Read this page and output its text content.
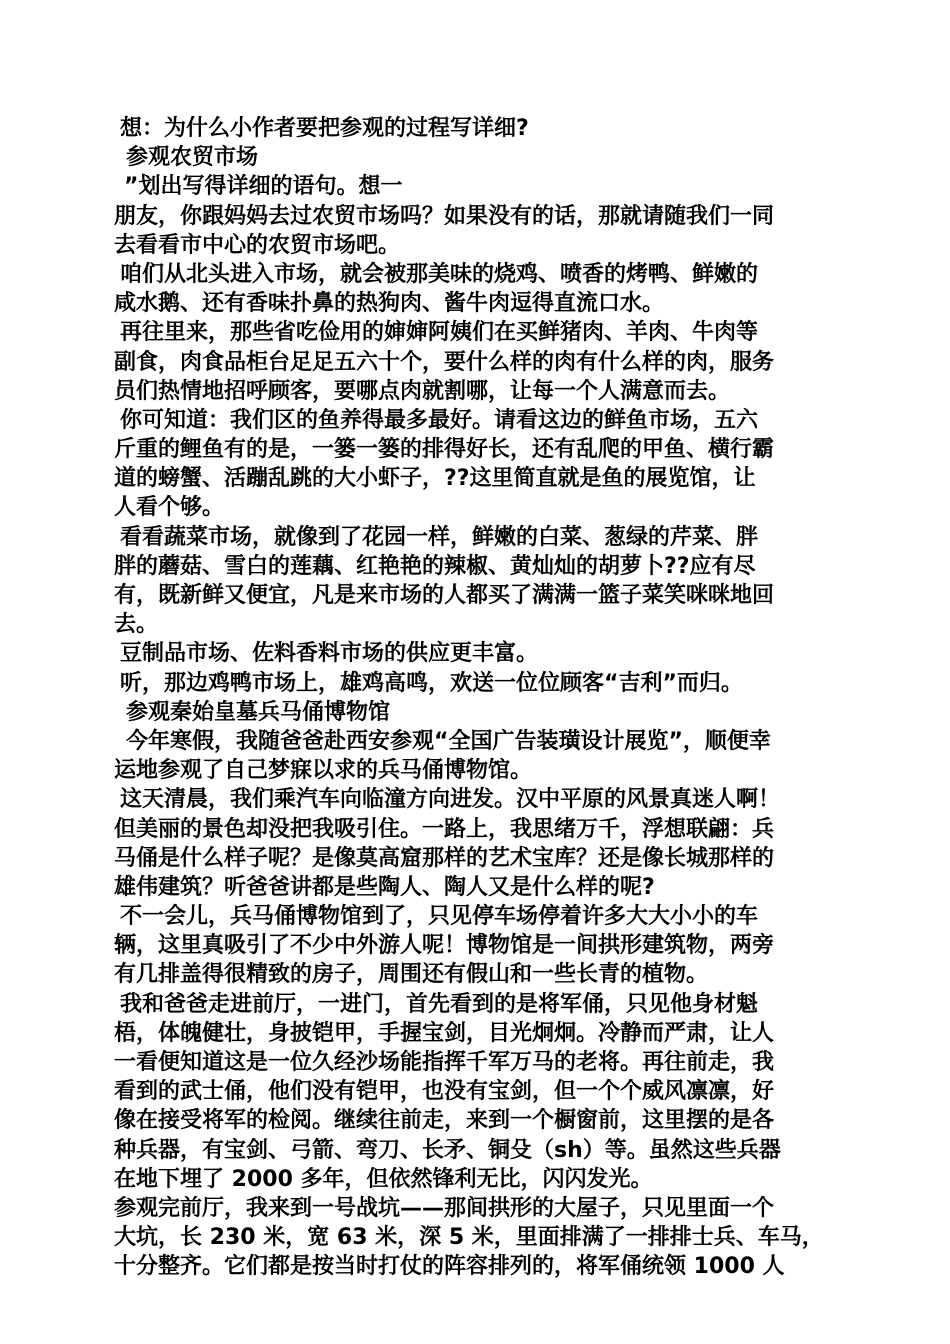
想：为什么小作者要把参观的过程写详细?
参观农贸市场
”划出写得详细的语句。想一
朋友，你跟妈妈去过农贸市场吗？如果没有的话，那就请随我们一同
去看看市中心的农贸市场吧。
咱们从北头进入市场，就会被那美味的烧鸡、喷香的烤鸭、鲜嫩的
咸水鹅、还有香味扑鼻的热狗肉、酱牛肉逗得直流口水。
再往里来，那些省吃俭用的婶婶阿姨们在买鲜猪肉、羊肉、牛肉等
副食，肉食品柜台足足五六十个，要什么样的肉有什么样的肉，服务
员们热情地招呼顾客，要哪点肉就割哪，让每一个人满意而去。
你可知道：我们区的鱼养得最多最好。请看这边的鲜鱼市场，五六
斤重的鲤鱼有的是，一篓一篓的排得好长，还有乱爬的甲鱼、横行霸
道的螃蟹、活蹦乱跳的大小虾子，??这里简直就是鱼的展览馆，让
人看个够。
看看蔬菜市场，就像到了花园一样，鲜嫩的白菜、葱绿的芹菜、胖
胖的蘑菇、雪白的莲藕、红艳艳的辣椒、黄灿灿的胡萝卜??应有尽
有，既新鲜又便宜，凡是来市场的人都买了满满一篮子菜笑咪咪地回
去。
豆制品市场、佐料香料市场的供应更丰富。
听，那边鸡鸭市场上，雄鸡高鸣，欢送一位位顾客“吉利”而归。
参观秦始皇墓兵马俑博物馆
今年寒假，我随爸爸赴西安参观“全国广告装璜设计展览”，顺便幸
运地参观了自己梦寐以求的兵马俑博物馆。
这天清晨，我们乘汽车向临潼方向进发。汉中平原的风景真迷人啊！
但美丽的景色却没把我吸引住。一路上，我思绪万千，浮想联翩：兵
马俑是什么样子呢？是像莫高窟那样的艺术宝库？还是像长城那样的
雄伟建筑？听爸爸讲都是些陶人、陶人又是什么样的呢?
不一会儿，兵马俑博物馆到了，只见停车场停着许多大大小小的车
辆，这里真吸引了不少中外游人呢！博物馆是一间拱形建筑物，两旁
有几排盖得很精致的房子，周围还有假山和一些长青的植物。
我和爸爸走进前厅，一进门，首先看到的是将军俑，只见他身材魁
梧，体魄健壮，身披铠甲，手握宝剑，目光炯炯。冷静而严肃，让人
一看便知道这是一位久经沙场能指挥千军万马的老将。再往前走，我
看到的武士俑，他们没有铠甲，也没有宝剑，但一个个威风凛凛，好
像在接受将军的检阅。继续往前走，来到一个橱窗前，这里摆的是各
种兵器，有宝剑、弓箭、弯刀、长矛、铜殳（sh）等。虽然这些兵器
在地下埋了 2000 多年，但依然锋利无比，闪闪发光。
参观完前厅，我来到一号战坑——那间拱形的大屋子，只见里面一个
大坑，长 230 米，宽 63 米，深 5 米，里面排满了一排排士兵、车马，
十分整齐。它们都是按当时打仗的阵容排列的，将军俑统领 1000 人
